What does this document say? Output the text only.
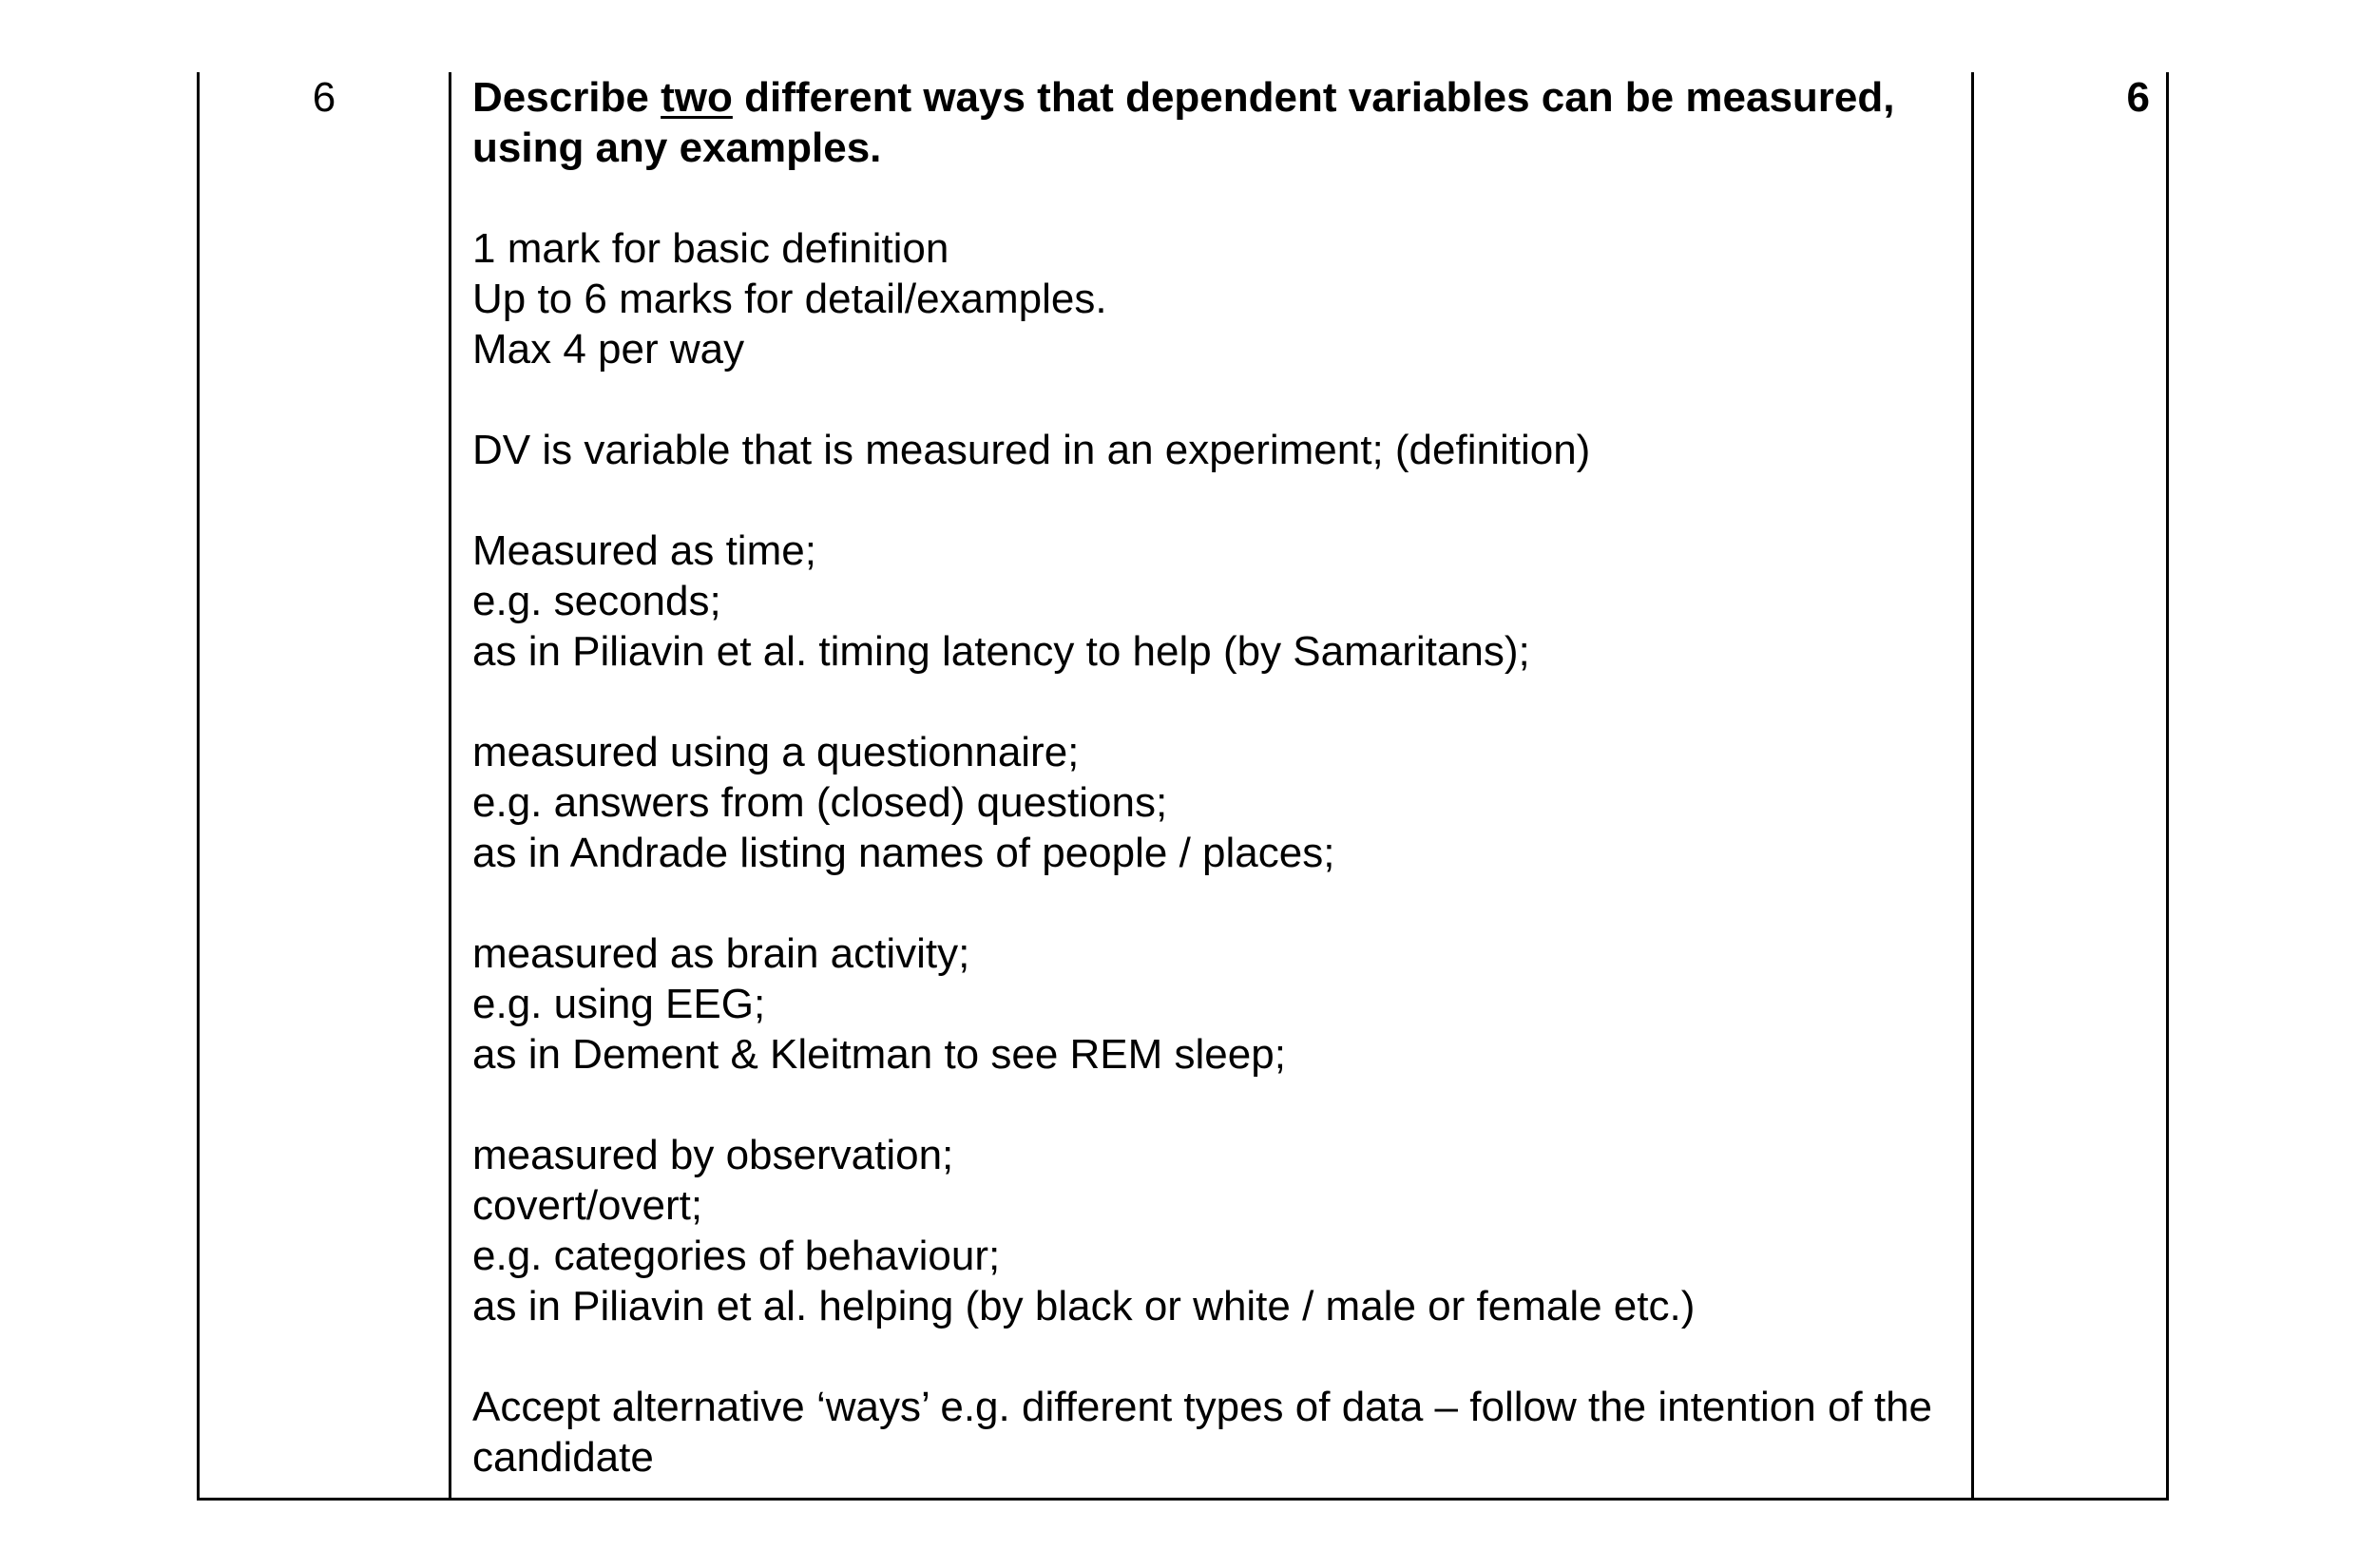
6	Describe two different ways that dependent variables can be measured, using any examples.

1 mark for basic definition
Up to 6 marks for detail/examples.
Max 4 per way

DV is variable that is measured in an experiment; (definition)

Measured as time;
e.g. seconds;
as in Piliavin et al. timing latency to help (by Samaritans);

measured using a questionnaire;
e.g. answers from (closed) questions;
as in Andrade listing names of people / places;

measured as brain activity;
e.g. using EEG;
as in Dement & Kleitman to see REM sleep;

measured by observation;
covert/overt;
e.g. categories of behaviour;
as in Piliavin et al. helping (by black or white / male or female etc.)

Accept alternative ‘ways’ e.g. different types of data – follow the intention of the candidate

6
